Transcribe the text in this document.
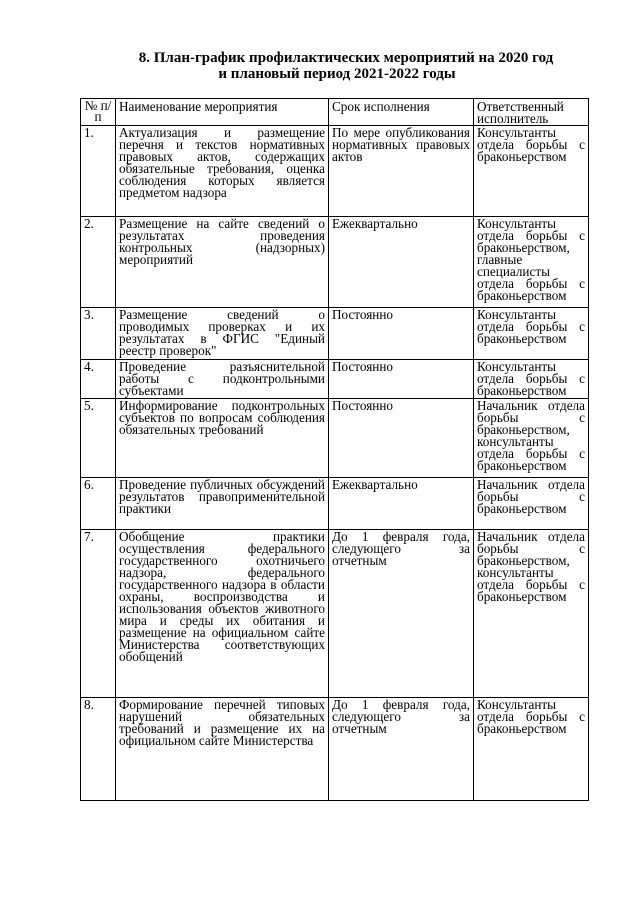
8. План-график профилактических мероприятий на 2020 год
и плановый период 2021-2022 годы
№ п/п	Наименование мероприятия	Срок исполнения	Ответственный исполнитель
1.	Актуализация и размещение перечня и текстов нормативных правовых актов, содержащих обязательные требования, оценка соблюдения которых является предметом надзора	По мере опубликования нормативных правовых актов	Консультанты отдела борьбы с браконьерством
2.	Размещение на сайте сведений о результатах проведения контрольных (надзорных) мероприятий	Ежеквартально	Консультанты отдела борьбы с браконьерством, главные специалисты отдела борьбы с браконьерством
3.	Размещение сведений о проводимых проверках и их результатах в ФГИС "Единый реестр проверок"	Постоянно	Консультанты отдела борьбы с браконьерством
4.	Проведение разъяснительной работы с подконтрольными субъектами	Постоянно	Консультанты отдела борьбы с браконьерством
5.	Информирование подконтрольных субъектов по вопросам соблюдения обязательных требований	Постоянно	Начальник отдела борьбы с браконьерством, консультанты отдела борьбы с браконьерством
6.	Проведение публичных обсуждений результатов правоприменительной практики	Ежеквартально	Начальник отдела борьбы с браконьерством
7.	Обобщение практики осуществления федерального государственного охотничьего надзора, федерального государственного надзора в области охраны, воспроизводства и использования объектов животного мира и среды их обитания и размещение на официальном сайте Министерства соответствующих обобщений	До 1 февраля года, следующего за отчетным	Начальник отдела борьбы с браконьерством, консультанты отдела борьбы с браконьерством
8.	Формирование перечней типовых нарушений обязательных требований и размещение их на официальном сайте Министерства	До 1 февраля года, следующего за отчетным	Консультанты отдела борьбы с браконьерством
